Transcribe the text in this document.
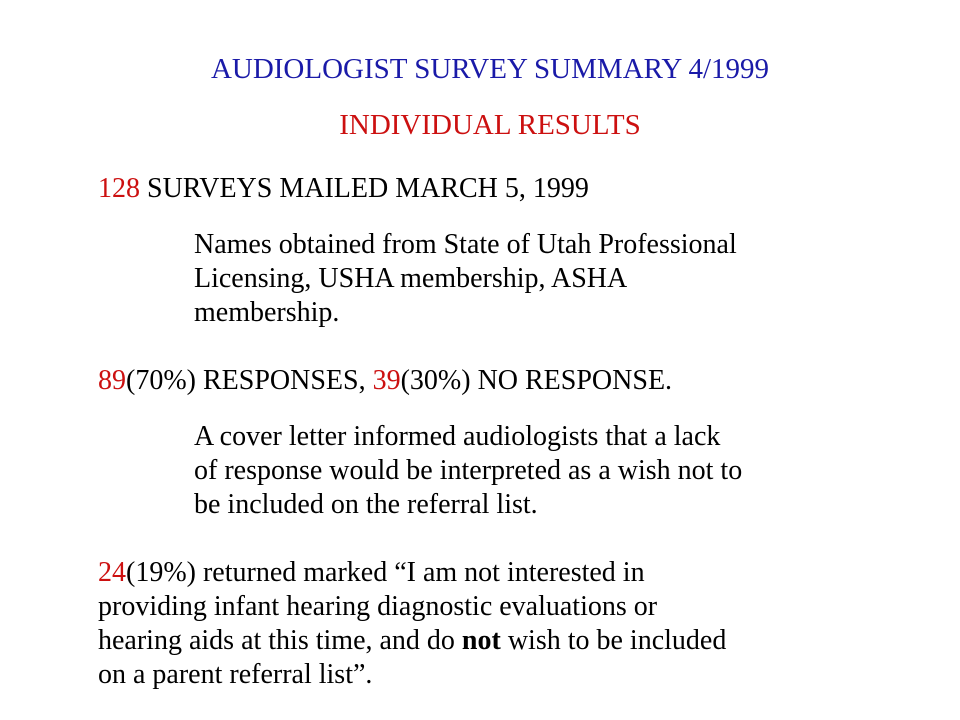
AUDIOLOGIST SURVEY SUMMARY 4/1999
INDIVIDUAL RESULTS

128 SURVEYS MAILED MARCH 5, 1999

Names obtained from State of Utah Professional
Licensing, USHA membership, ASHA
membership.

89(70%) RESPONSES, 39(30%) NO RESPONSE.

A cover letter informed audiologists that a lack
of response would be interpreted as a wish not to
be included on the referral list.

24(19%) returned marked “I am not interested in
providing infant hearing diagnostic evaluations or
hearing aids at this time, and do not wish to be included
on a parent referral list”.
